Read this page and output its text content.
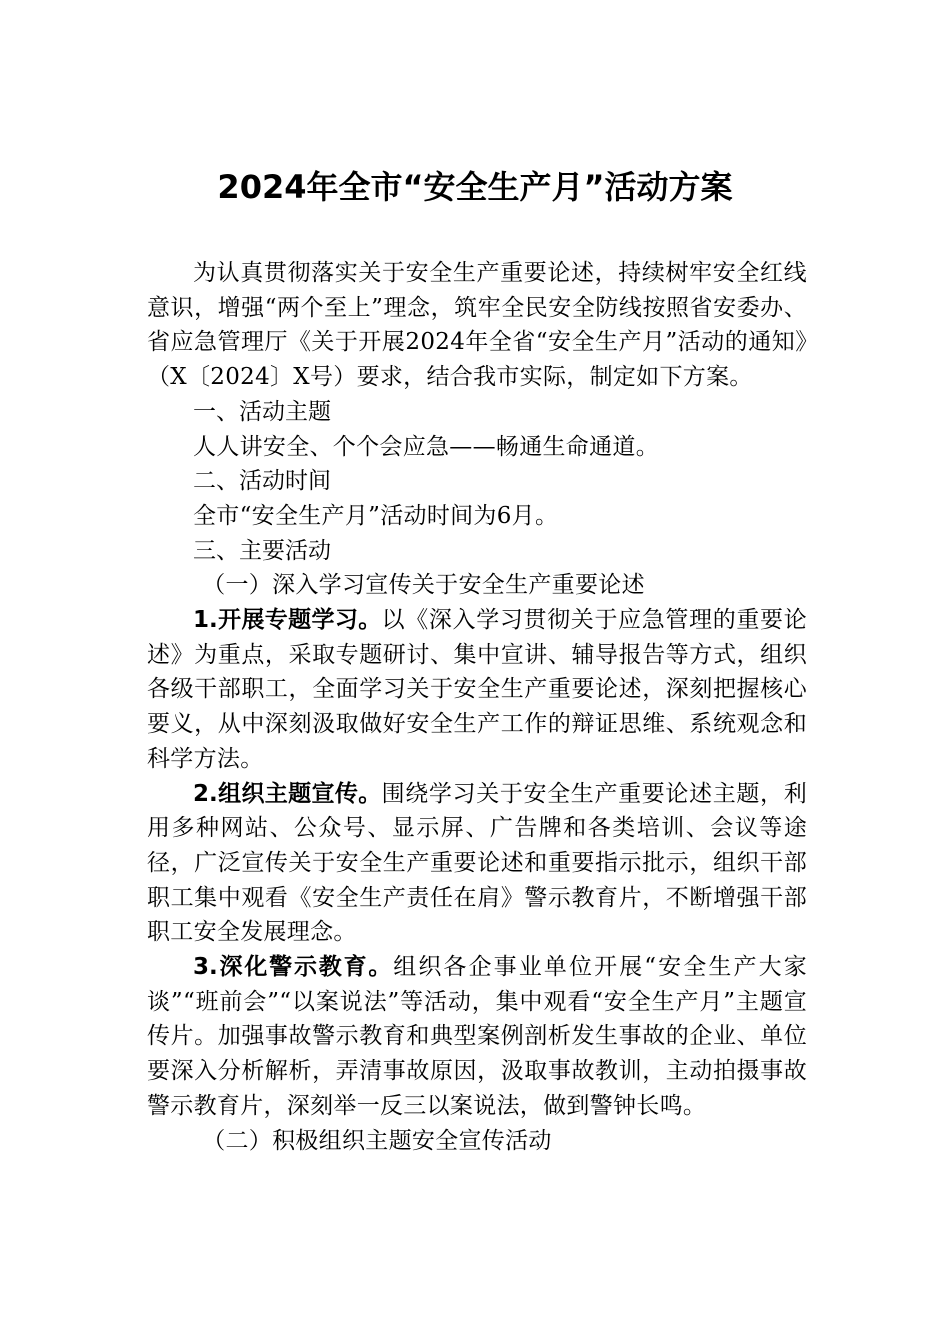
2024年全市“安全生产月”活动方案

为认真贯彻落实关于安全生产重要论述，持续树牢安全红线意识，增强“两个至上”理念，筑牢全民安全防线按照省安委办、省应急管理厅《关于开展2024年全省“安全生产月”活动的通知》（X〔2024〕X号）要求，结合我市实际，制定如下方案。

一、活动主题

人人讲安全、个个会应急——畅通生命通道。

二、活动时间

全市“安全生产月”活动时间为6月。

三、主要活动

（一）深入学习宣传关于安全生产重要论述

1.开展专题学习。以《深入学习贯彻关于应急管理的重要论述》为重点，采取专题研讨、集中宣讲、辅导报告等方式，组织各级干部职工，全面学习关于安全生产重要论述，深刻把握核心要义，从中深刻汲取做好安全生产工作的辩证思维、系统观念和科学方法。

2.组织主题宣传。围绕学习关于安全生产重要论述主题，利用多种网站、公众号、显示屏、广告牌和各类培训、会议等途径，广泛宣传关于安全生产重要论述和重要指示批示，组织干部职工集中观看《安全生产责任在肩》警示教育片，不断增强干部职工安全发展理念。

3.深化警示教育。组织各企事业单位开展“安全生产大家谈”“班前会”“以案说法”等活动，集中观看“安全生产月”主题宣传片。加强事故警示教育和典型案例剖析发生事故的企业、单位要深入分析解析，弄清事故原因，汲取事故教训，主动拍摄事故警示教育片，深刻举一反三以案说法，做到警钟长鸣。

（二）积极组织主题安全宣传活动
